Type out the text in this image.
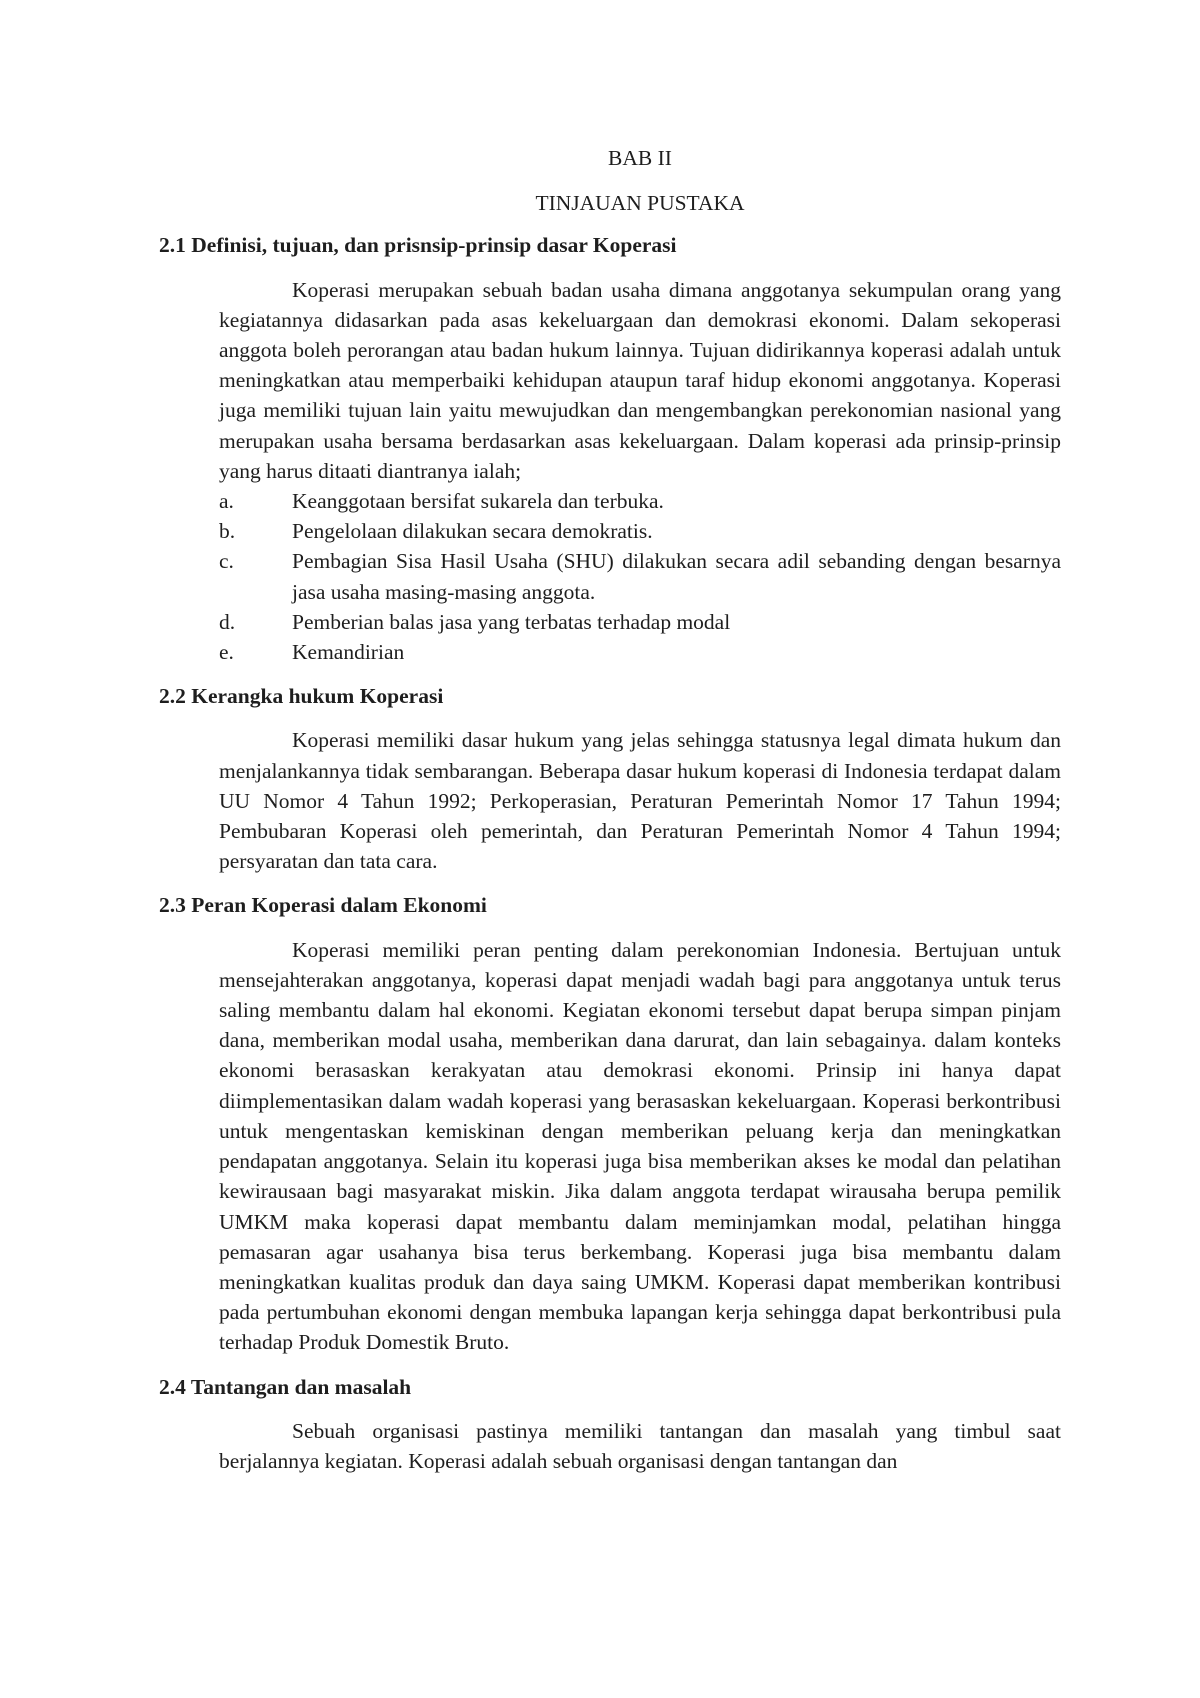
BAB II

TINJAUAN PUSTAKA

2.1 Definisi, tujuan, dan prisnsip-prinsip dasar Koperasi

Koperasi merupakan sebuah badan usaha dimana anggotanya sekumpulan orang yang kegiatannya didasarkan pada asas kekeluargaan dan demokrasi ekonomi. Dalam sekoperasi anggota boleh perorangan atau badan hukum lainnya. Tujuan didirikannya koperasi adalah untuk meningkatkan atau memperbaiki kehidupan ataupun taraf hidup ekonomi anggotanya. Koperasi juga memiliki tujuan lain yaitu mewujudkan dan mengembangkan perekonomian nasional yang merupakan usaha bersama berdasarkan asas kekeluargaan. Dalam koperasi ada prinsip-prinsip yang harus ditaati diantranya ialah;

a.	Keanggotaan bersifat sukarela dan terbuka.
b.	Pengelolaan dilakukan secara demokratis.
c.	Pembagian Sisa Hasil Usaha (SHU) dilakukan secara adil sebanding dengan besarnya jasa usaha masing-masing anggota.
d.	Pemberian balas jasa yang terbatas terhadap modal
e.	Kemandirian

2.2 Kerangka hukum Koperasi

Koperasi memiliki dasar hukum yang jelas sehingga statusnya legal dimata hukum dan menjalankannya tidak sembarangan. Beberapa dasar hukum koperasi di Indonesia terdapat dalam UU Nomor 4 Tahun 1992; Perkoperasian, Peraturan Pemerintah Nomor 17 Tahun 1994; Pembubaran Koperasi oleh pemerintah, dan Peraturan Pemerintah Nomor 4 Tahun 1994; persyaratan dan tata cara.

2.3 Peran Koperasi dalam Ekonomi

Koperasi memiliki peran penting dalam perekonomian Indonesia. Bertujuan untuk mensejahterakan anggotanya, koperasi dapat menjadi wadah bagi para anggotanya untuk terus saling membantu dalam hal ekonomi. Kegiatan ekonomi tersebut dapat berupa simpan pinjam dana, memberikan modal usaha, memberikan dana darurat, dan lain sebagainya. dalam konteks ekonomi berasaskan kerakyatan atau demokrasi ekonomi. Prinsip ini hanya dapat diimplementasikan dalam wadah koperasi yang berasaskan kekeluargaan. Koperasi berkontribusi untuk mengentaskan kemiskinan dengan memberikan peluang kerja dan meningkatkan pendapatan anggotanya. Selain itu koperasi juga bisa memberikan akses ke modal dan pelatihan kewirausaan bagi masyarakat miskin. Jika dalam anggota terdapat wirausaha berupa pemilik UMKM maka koperasi dapat membantu dalam meminjamkan modal, pelatihan hingga pemasaran agar usahanya bisa terus berkembang. Koperasi juga bisa membantu dalam meningkatkan kualitas produk dan daya saing UMKM. Koperasi dapat memberikan kontribusi pada pertumbuhan ekonomi dengan membuka lapangan kerja sehingga dapat berkontribusi pula terhadap Produk Domestik Bruto.

2.4 Tantangan dan masalah

Sebuah organisasi pastinya memiliki tantangan dan masalah yang timbul saat berjalannya kegiatan. Koperasi adalah sebuah organisasi dengan tantangan dan
